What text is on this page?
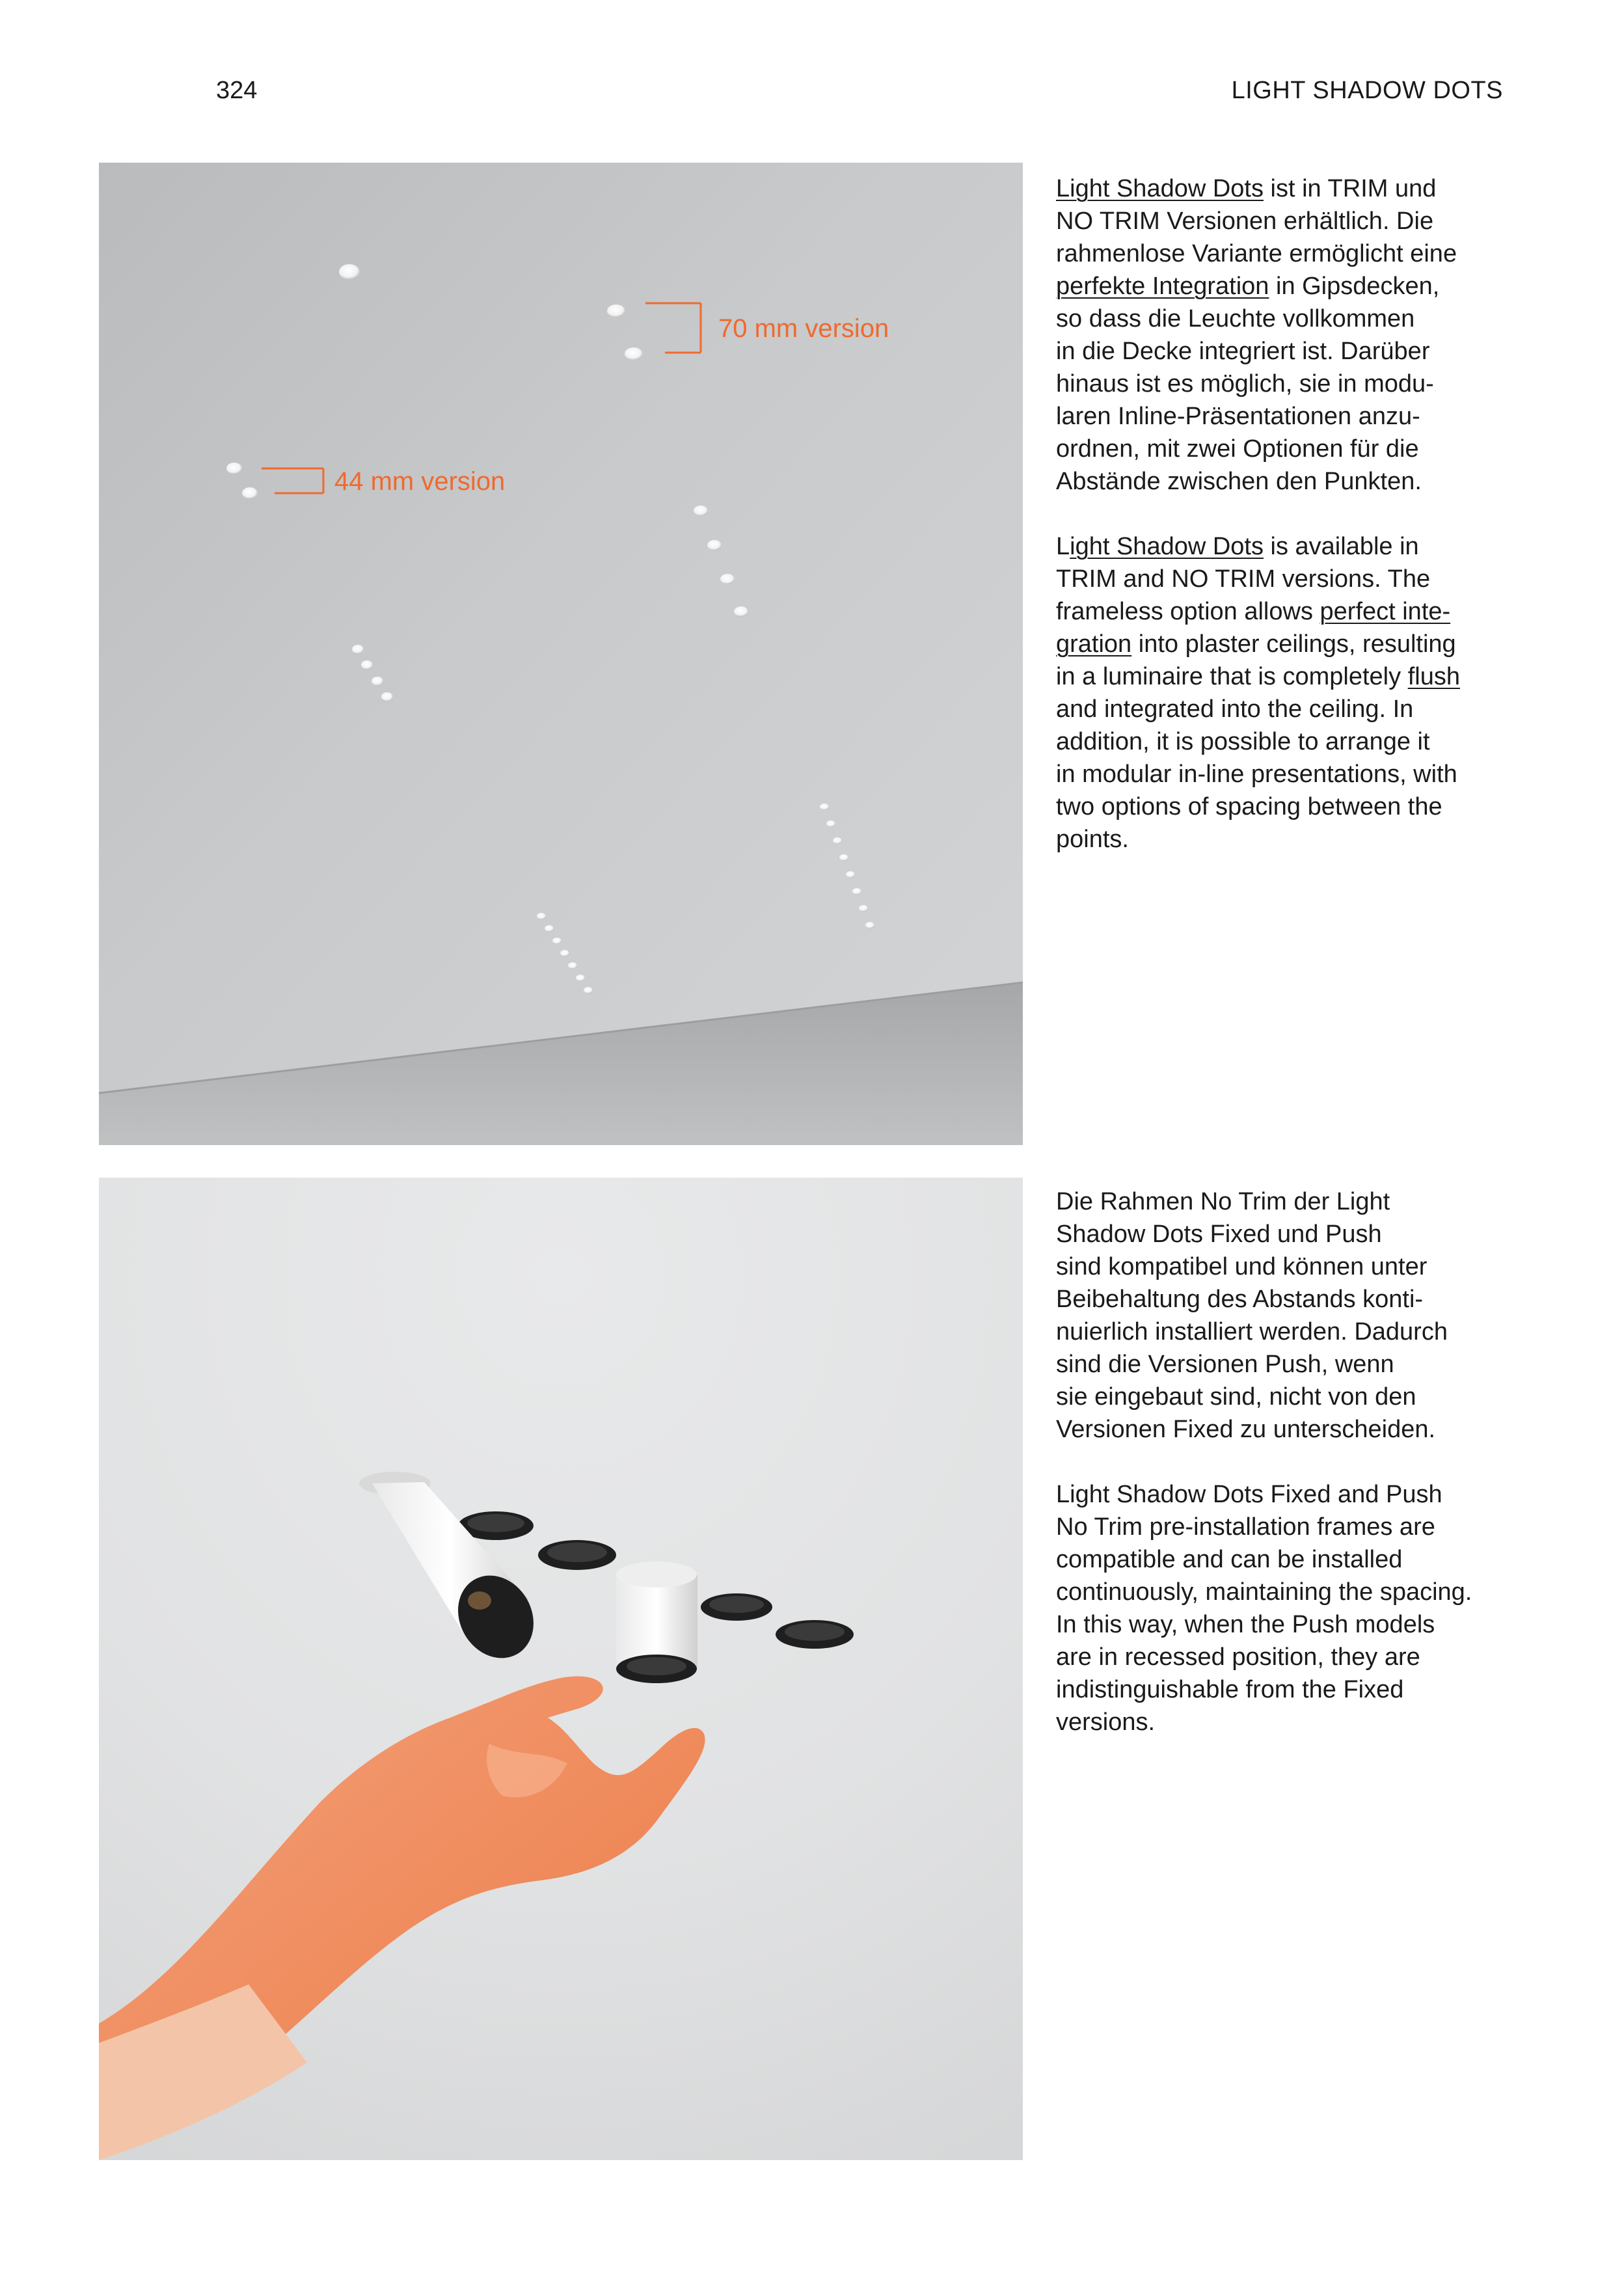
324	LIGHT SHADOW DOTS
70 mm version
44 mm version

Light Shadow Dots ist in TRIM und
NO TRIM Versionen erhältlich. Die
rahmenlose Variante ermöglicht eine
perfekte Integration in Gipsdecken,
so dass die Leuchte vollkommen
in die Decke integriert ist. Darüber
hinaus ist es möglich, sie in modu-
laren Inline-Präsentationen anzu-
ordnen, mit zwei Optionen für die
Abstände zwischen den Punkten.

Light Shadow Dots is available in
TRIM and NO TRIM versions. The
frameless option allows perfect inte-
gration into plaster ceilings, resulting
in a luminaire that is completely flush
and integrated into the ceiling. In
addition, it is possible to arrange it
in modular in-line presentations, with
two options of spacing between the
points.

Die Rahmen No Trim der Light
Shadow Dots Fixed und Push
sind kompatibel und können unter
Beibehaltung des Abstands konti-
nuierlich installiert werden. Dadurch
sind die Versionen Push, wenn
sie eingebaut sind, nicht von den
Versionen Fixed zu unterscheiden.

Light Shadow Dots Fixed and Push
No Trim pre-installation frames are
compatible and can be installed
continuously, maintaining the spacing.
In this way, when the Push models
are in recessed position, they are
indistinguishable from the Fixed
versions.
